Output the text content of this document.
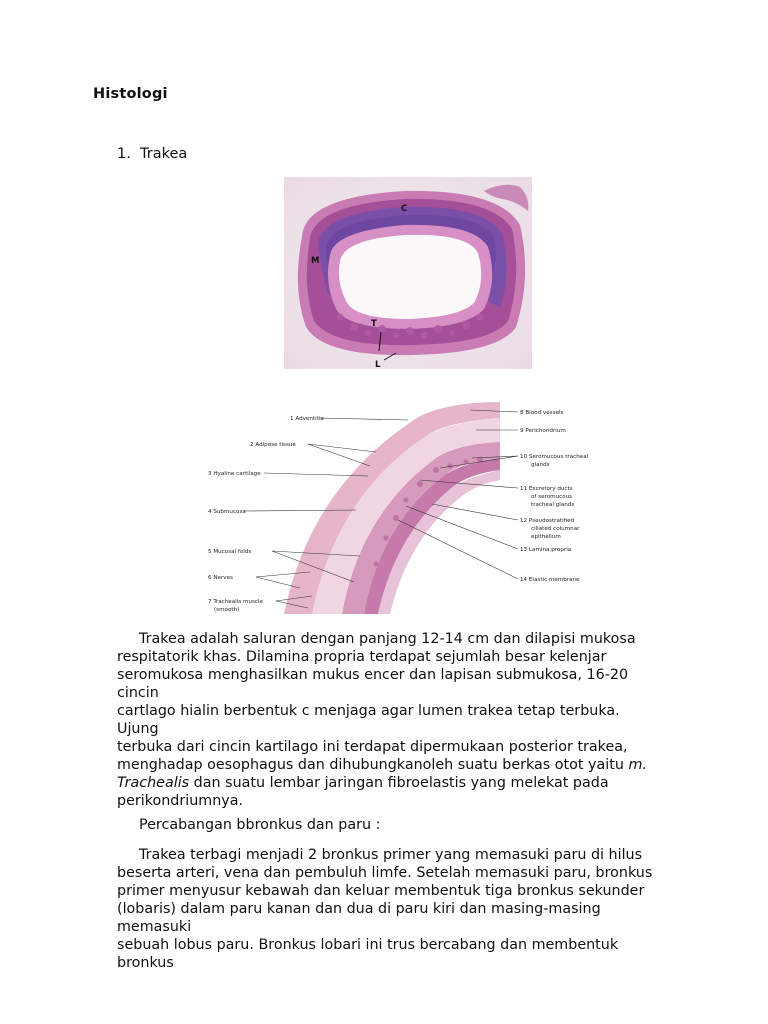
Histologi
1. Trakea
C
M
T
L
1 Adventitia
2 Adipose tissue
3 Hyaline cartilage
4 Submucosa
5 Mucosal folds
6 Nerves
7 Trachealis muscle
(smooth)
8 Blood vessels
9 Perichondrium
10 Seromucous tracheal
glands
11 Excretory ducts
of seromucous
tracheal glands
12 Pseudostratified
ciliated columnar
epithelium
13 Lamina propria
14 Elastic membrane

Trakea adalah saluran dengan panjang 12-14 cm dan dilapisi mukosa

respitatorik khas. Dilamina propria terdapat sejumlah besar kelenjar

seromukosa menghasilkan mukus encer dan lapisan submukosa, 16-20 cincin

cartlago hialin berbentuk c menjaga agar lumen trakea tetap terbuka. Ujung

terbuka dari cincin kartilago ini terdapat dipermukaan posterior trakea,

menghadap oesophagus dan dihubungkanoleh suatu berkas otot yaitu m.

Trachealis dan suatu lembar jaringan fibroelastis yang melekat pada

perikondriumnya.

Percabangan bbronkus dan paru :

Trakea terbagi menjadi 2 bronkus primer yang memasuki paru di hilus

beserta arteri, vena dan pembuluh limfe. Setelah memasuki paru, bronkus

primer menyusur kebawah dan keluar membentuk tiga bronkus sekunder

(lobaris) dalam paru kanan dan dua di paru kiri dan masing-masing memasuki

sebuah lobus paru. Bronkus lobari ini trus bercabang dan membentuk bronkus
